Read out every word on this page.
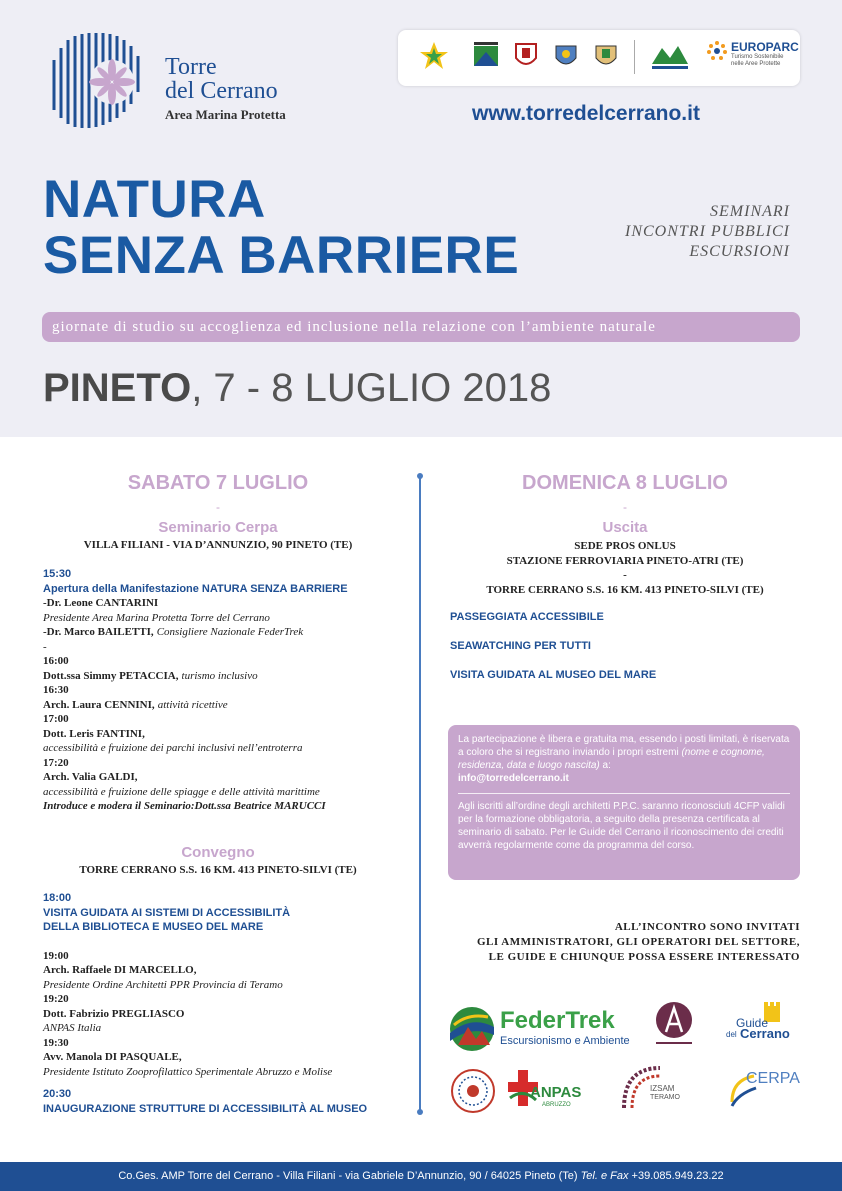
Torre
del Cerrano
Area Marina Protetta
EUROPARC
Turismo Sostenibile nelle Aree Protette
www.torredelcerrano.it
NATURA
SENZA BARRIERE
SEMINARI
INCONTRI PUBBLICI
ESCURSIONI
giornate di studio su accoglienza ed inclusione nella relazione con l’ambiente naturale
PINETO, 7 - 8 LUGLIO 2018
SABATO 7 LUGLIO
-
Seminario Cerpa
VILLA FILIANI - VIA D’ANNUNZIO, 90 PINETO (TE)
15:30
Apertura della Manifestazione NATURA SENZA BARRIERE
-Dr. Leone CANTARINI
Presidente Area Marina Protetta Torre del Cerrano
-Dr. Marco BAILETTI, Consigliere Nazionale FederTrek
-
16:00
Dott.ssa Simmy PETACCIA, turismo inclusivo
16:30
Arch. Laura CENNINI, attività ricettive
17:00
Dott. Leris FANTINI,
accessibilità e fruizione dei parchi inclusivi nell’entroterra
17:20
Arch. Valia GALDI,
accessibilità e fruizione delle spiagge e delle attività marittime
Introduce e modera il Seminario:Dott.ssa Beatrice MARUCCI
Convegno
TORRE CERRANO S.S. 16 KM. 413 PINETO-SILVI (TE)
18:00
VISITA GUIDATA AI SISTEMI DI ACCESSIBILITÀ
DELLA BIBLIOTECA E MUSEO DEL MARE
19:00
Arch. Raffaele DI MARCELLO,
Presidente Ordine Architetti PPR Provincia di Teramo
19:20
Dott. Fabrizio PREGLIASCO
ANPAS Italia
19:30
Avv. Manola DI PASQUALE,
Presidente Istituto Zooprofilattico Sperimentale Abruzzo e Molise
20:30
INAUGURAZIONE STRUTTURE DI ACCESSIBILITÀ AL MUSEO
DOMENICA 8 LUGLIO
-
Uscita
SEDE PROS ONLUS
STAZIONE FERROVIARIA PINETO-ATRI (TE)
-
TORRE CERRANO S.S. 16 KM. 413 PINETO-SILVI (TE)
PASSEGGIATA ACCESSIBILE
SEAWATCHING PER TUTTI
VISITA GUIDATA AL MUSEO DEL MARE
La partecipazione è libera e gratuita ma, essendo i posti limitati, è riservata a coloro che si registrano inviando i propri estremi (nome e cognome, residenza, data e luogo nascita) a:
info@torredelcerrano.it
Agli iscritti all’ordine degli architetti P.P.C. saranno riconosciuti 4CFP validi per la formazione obbligatoria, a seguito della presenza certificata al seminario di sabato. Per le Guide del Cerrano il riconoscimento dei crediti avverrà regolarmente come da programma del corso.
ALL’INCONTRO SONO INVITATI
GLI AMMINISTRATORI, GLI OPERATORI DEL SETTORE,
LE GUIDE E CHIUNQUE POSSA ESSERE INTERESSATO
FederTrek
Escursionismo e Ambiente
Guide
del Cerrano
ANPAS
ABRUZZO
IZSAM
TERAMO
CERPA
Co.Ges. AMP Torre del Cerrano - Villa Filiani - via Gabriele D’Annunzio, 90 / 64025 Pineto (Te) Tel. e Fax +39.085.949.23.22
